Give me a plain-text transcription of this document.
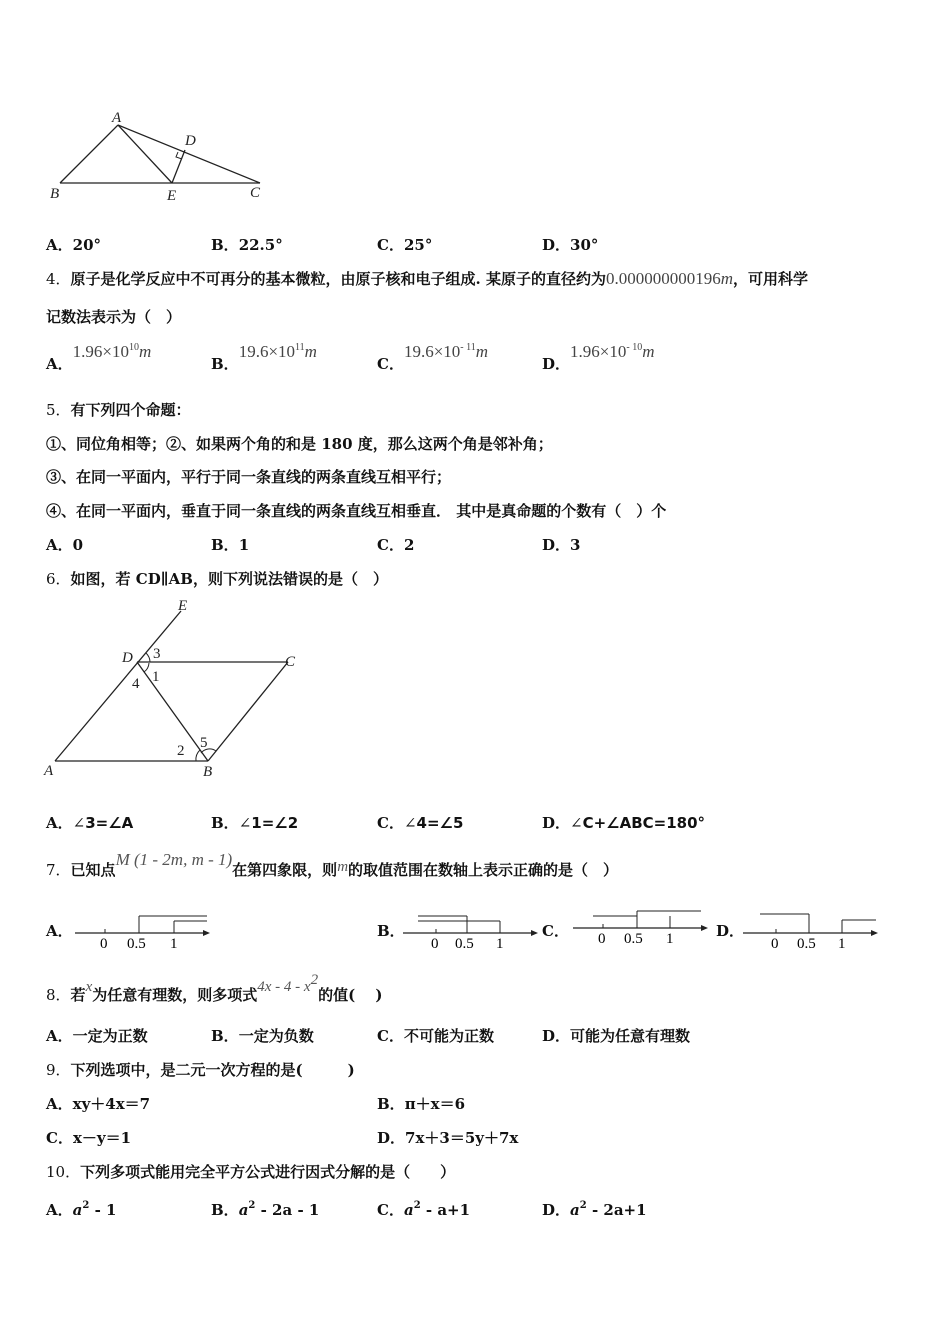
A
D
B	E	C
A．20°	B．22.5°	C．25°	D．30°
4．原子是化学反应中不可再分的基本微粒，由原子核和电子组成. 某原子的直径约为0.000000000196m，可用科学
记数法表示为（　）
A．$1.96\times 10^{10}m$
B．$19.6\times 10^{11}m$
C．$19.6\times 10^{- 11}m$
D．$1.96\times 10^{- 10}m$
5．有下列四个命题：
①、同位角相等；②、如果两个角的和是 180 度，那么这两个角是邻补角；
③、在同一平面内，平行于同一条直线的两条直线互相平行；
④、在同一平面内，垂直于同一条直线的两条直线互相垂直． 其中是真命题的个数有（　）个
A．0	B．1	C．2	D．3
6．如图，若 CD∥AB，则下列说法错误的是（　）
E
D	C
A	B
3
1
4
2 5
A．∠3=∠A	B．∠1=∠2	C．∠4=∠5	D．∠C+∠ABC=180°
7．已知点M (1 - 2m, m - 1)在第四象限，则m的取值范围在数轴上表示正确的是（　）
A．
0 0.5 1
B．
0 0.5 1
C． 0 0.5 1	D．
0 0.5 1
8．若x为任意有理数，则多项式4x - 4 - x2的值(　 )
A．一定为正数	B．一定为负数	C．不可能为正数	D．可能为任意有理数
9．下列选项中，是二元一次方程的是(　　　)
A．xy＋4x＝7	B．π＋x＝6
C．x－y＝1	D．7x＋3＝5y＋7x
10．下列多项式能用完全平方公式进行因式分解的是（　　）
A．$a^2 - 1$	B．$a^2 - 2a - 1$	C．$a^2 - a+1$	D．$a^2 - 2a+1$
